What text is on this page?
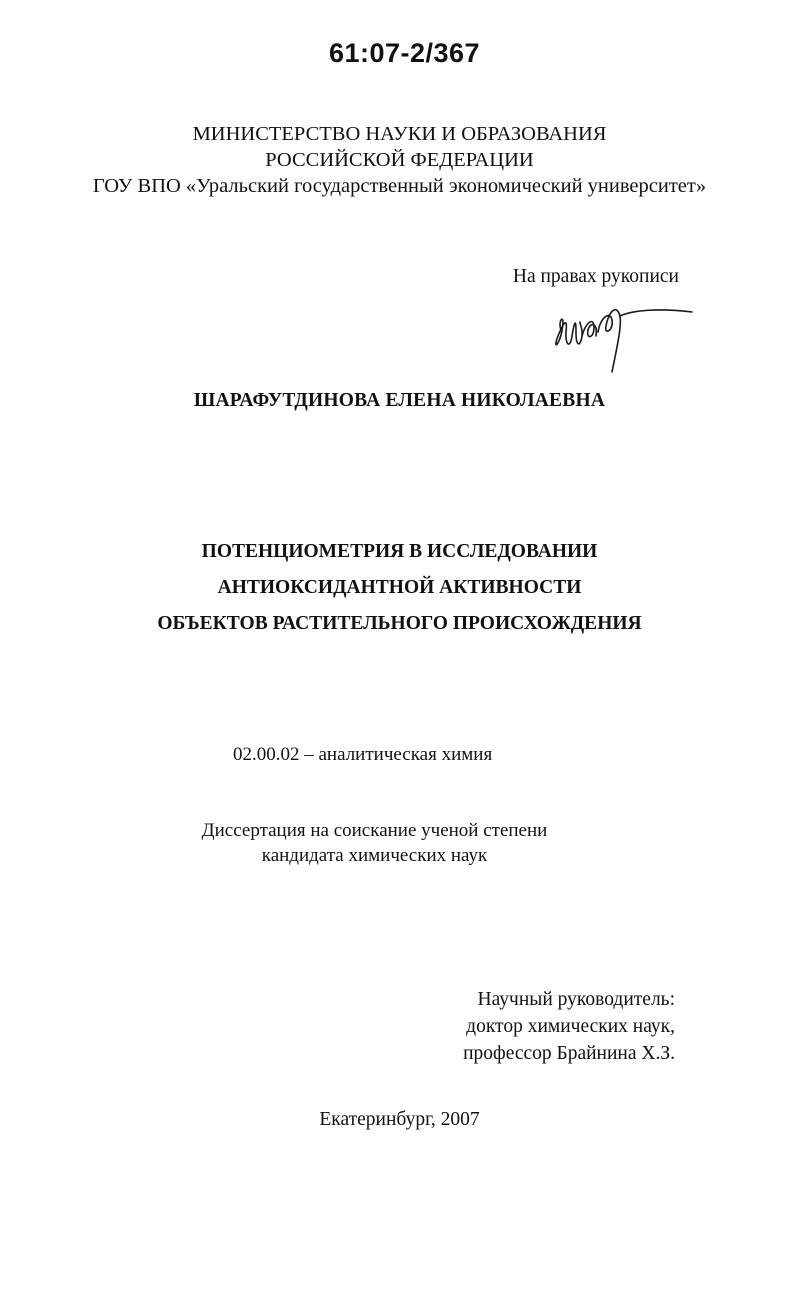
61:07-2/367
МИНИСТЕРСТВО НАУКИ И ОБРАЗОВАНИЯ
РОССИЙСКОЙ ФЕДЕРАЦИИ
ГОУ ВПО «Уральский государственный экономический университет»
На правах рукописи
ШАРАФУТДИНОВА ЕЛЕНА НИКОЛАЕВНА
ПОТЕНЦИОМЕТРИЯ В ИССЛЕДОВАНИИ
АНТИОКСИДАНТНОЙ АКТИВНОСТИ
ОБЪЕКТОВ РАСТИТЕЛЬНОГО ПРОИСХОЖДЕНИЯ
02.00.02 – аналитическая химия
Диссертация на соискание ученой степени
кандидата химических наук
Научный руководитель:
доктор химических наук,
профессор Брайнина Х.З.
Екатеринбург, 2007
